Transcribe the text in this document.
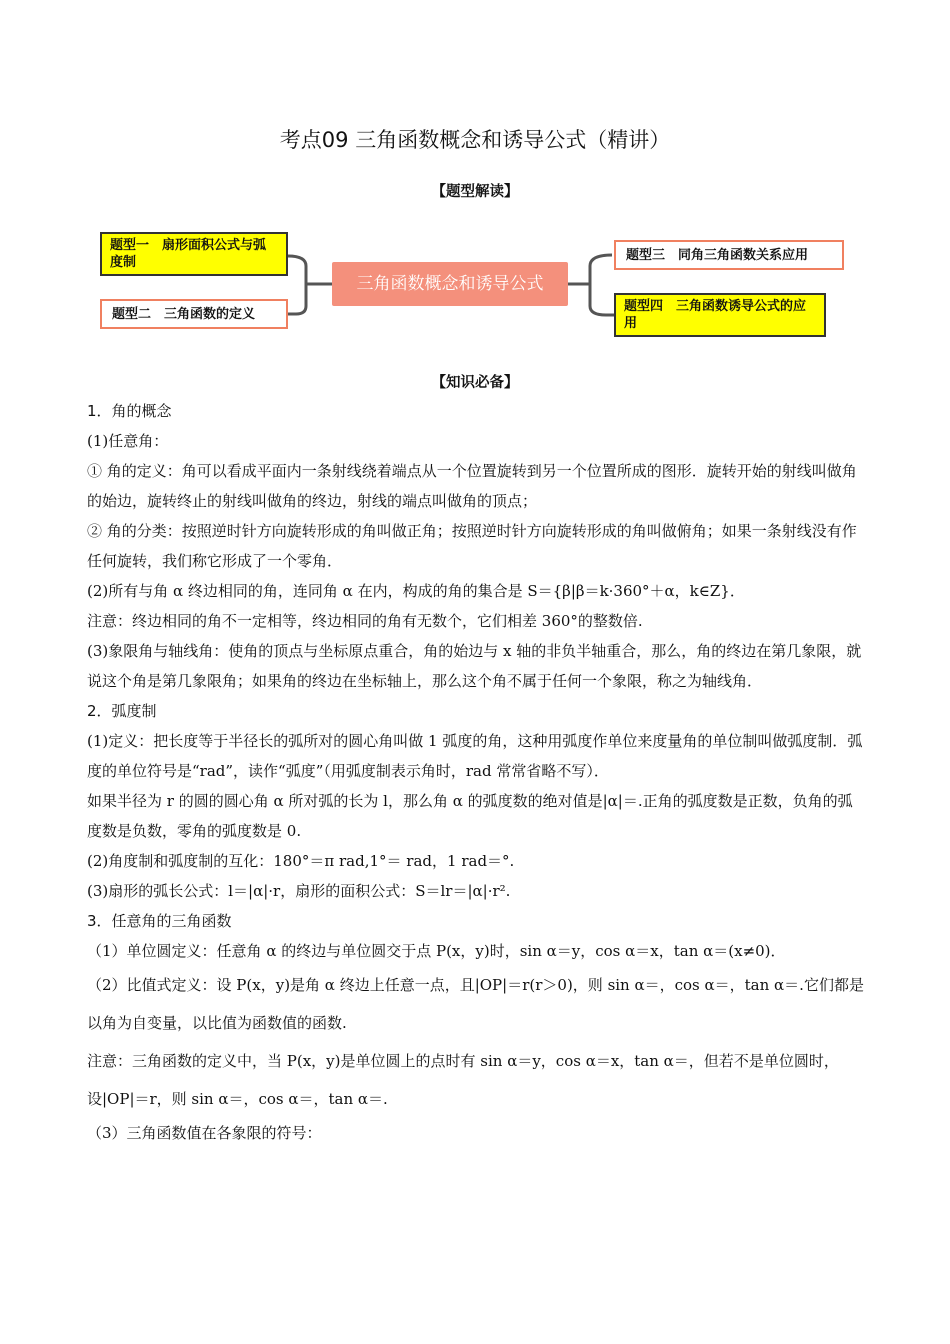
考点09 三角函数概念和诱导公式（精讲）
【题型解读】
题型一　扇形面积公式与弧度制
题型二　三角函数的定义
三角函数概念和诱导公式
题型三　同角三角函数关系应用
题型四　三角函数诱导公式的应用
【知识必备】

1．角的概念

(1)任意角：

① 角的定义：角可以看成平面内一条射线绕着端点从一个位置旋转到另一个位置所成的图形．旋转开始的射线叫做角的始边，旋转终止的射线叫做角的终边，射线的端点叫做角的顶点；

② 角的分类：按照逆时针方向旋转形成的角叫做正角；按照逆时针方向旋转形成的角叫做俯角；如果一条射线没有作任何旋转，我们称它形成了一个零角．

(2)所有与角 α 终边相同的角，连同角 α 在内，构成的角的集合是 S＝{β|β＝k·360°＋α，k∈Z}．

注意：终边相同的角不一定相等，终边相同的角有无数个，它们相差 360°的整数倍.

(3)象限角与轴线角：使角的顶点与坐标原点重合，角的始边与 x 轴的非负半轴重合，那么，角的终边在第几象限，就说这个角是第几象限角；如果角的终边在坐标轴上，那么这个角不属于任何一个象限，称之为轴线角．

2．弧度制

(1)定义：把长度等于半径长的弧所对的圆心角叫做 1 弧度的角，这种用弧度作单位来度量角的单位制叫做弧度制．弧度的单位符号是“rad”，读作“弧度”（用弧度制表示角时，rad 常常省略不写）．

如果半径为 r 的圆的圆心角 α 所对弧的长为 l，那么角 α 的弧度数的绝对值是|α|＝.正角的弧度数是正数，负角的弧度数是负数，零角的弧度数是 0.

(2)角度制和弧度制的互化：180°＝π rad,1°＝ rad，1 rad＝°.

(3)扇形的弧长公式：l＝|α|·r，扇形的面积公式：S＝lr＝|α|·r².

3．任意角的三角函数

（1）单位圆定义：任意角 α 的终边与单位圆交于点 P(x，y)时，sin α＝y，cos α＝x，tan α＝(x≠0)．

（2）比值式定义：设 P(x，y)是角 α 终边上任意一点，且|OP|＝r(r＞0)，则 sin α＝，cos α＝，tan α＝.它们都是以角为自变量，以比值为函数值的函数.

注意：三角函数的定义中，当 P(x，y)是单位圆上的点时有 sin α＝y，cos α＝x，tan α＝，但若不是单位圆时，设|OP|＝r，则 sin α＝，cos α＝，tan α＝.

（3）三角函数值在各象限的符号：
